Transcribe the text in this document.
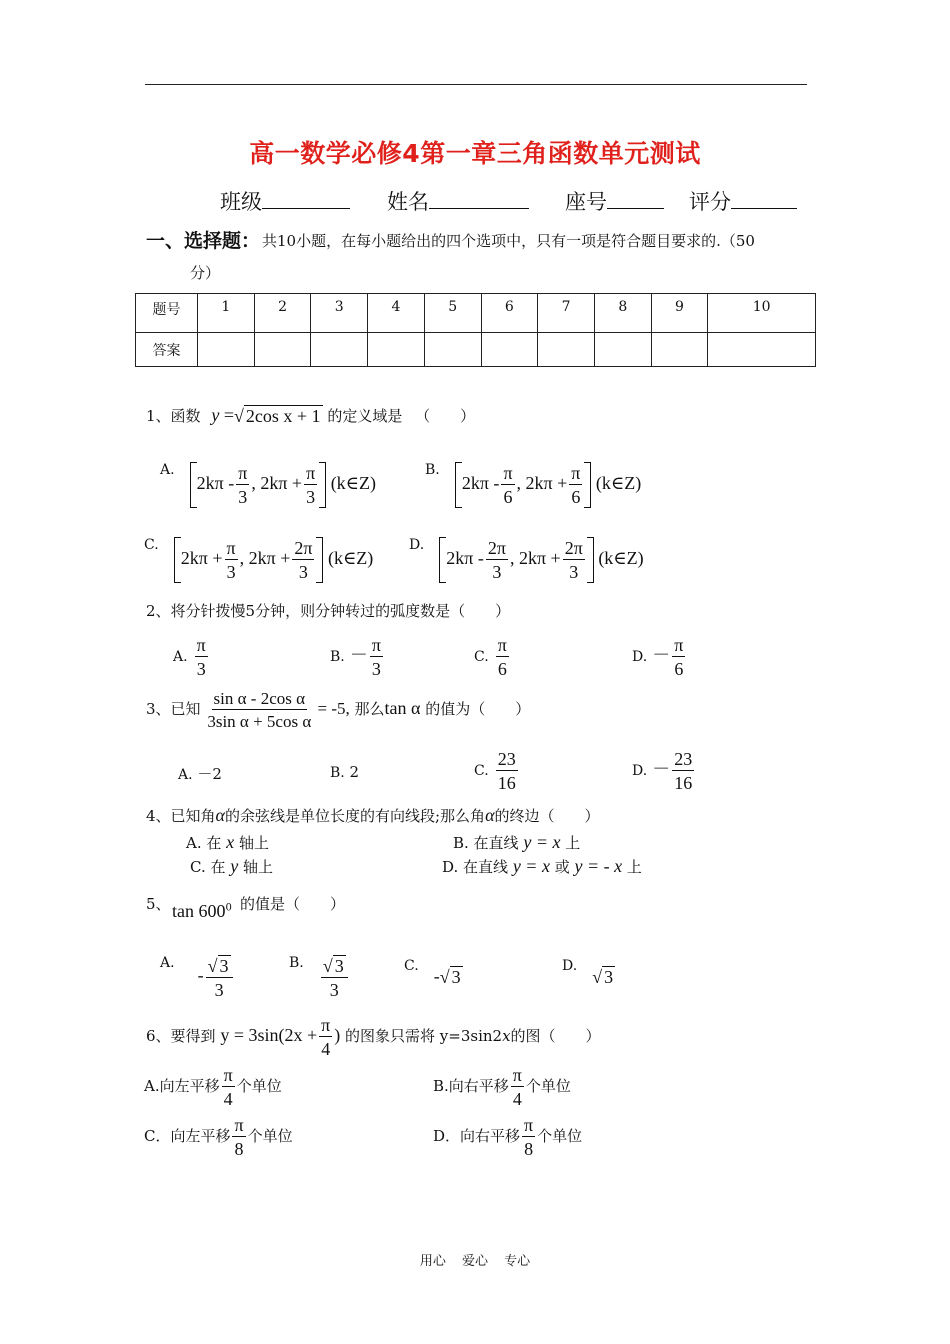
高一数学必修4第一章三角函数单元测试
班级	姓名	座号	评分
一、选择题： 共10小题，在每小题给出的四个选项中，只有一项是符合题目要求的.（50
分）
题号	1	2	3	4	5	6	7	8	9	10
答案										
1、函数 y =√ 2cos x + 1 的定义域是 （　　）
A. $2k\pi - \frac{\pi}{3}$ , $2k\pi + \frac{\pi}{3}$ (k∈Z)
B. $2k\pi - \frac{\pi}{6}$ , $2k\pi + \frac{\pi}{6}$ (k∈Z)
C. $2k\pi + \frac{\pi}{3}$ , $2k\pi + \frac{2\pi}{3}$ (k∈Z)
D. $2k\pi - \frac{2\pi}{3}$ , $2k\pi + \frac{2\pi}{3}$ (k∈Z)
2、将分针拨慢5分钟，则分钟转过的弧度数是（　　）
A. $\frac{\pi}{3}$	B. － $\frac{\pi}{3}$	C. $\frac{\pi}{6}$	D. － $\frac{\pi}{6}$
3、已知 $\frac{\text{sin α - 2cos α}}{\text{3sin α + 5cos α}} = -5$, 那么tan α 的值为（　　）
A. －2	B. 2	C. $\frac{23}{16}$	D. － $\frac{23}{16}$
4、已知角α的余弦线是单位长度的有向线段;那么角α的终边（　　）
A. 在 x 轴上	B. 在直线 y = x 上
C. 在 y 轴上	D. 在直线 y = x 或 y = - x 上
5、 $\tan 600^0$ 的值是（　　）
A. - $\frac{√ 3}{3}$	B. $\frac{√ 3}{3}$	C. -√ 3
D. √ 3
6、要得到 $y = 3\sin(2x + \frac{\pi}{4}$ ) 的图象只需将 y=3sin2x的图（　　）
A.向左平移 $\frac{\pi}{4}$ 个单位	B.向右平移 $\frac{\pi}{4}$ 个单位
C．向左平移 $\frac{\pi}{8}$ 个单位	D．向右平移 $\frac{\pi}{8}$ 个单位
用心 爱心 专心
